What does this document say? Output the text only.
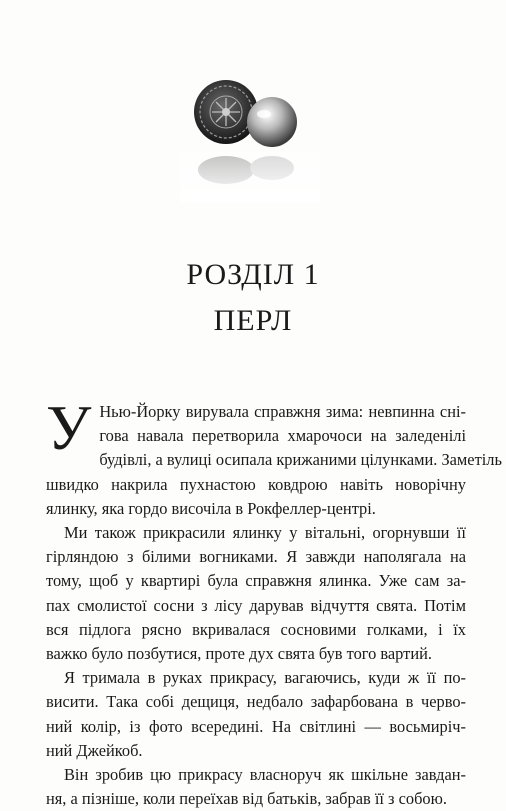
РОЗДІЛ 1
ПЕРЛ
У Нью-Йорку вирувала справжня зима: невпинна сні-
гова навала перетворила хмарочоси на заледенілі
будівлі, а вулиці осипала крижаними цілунками. Заметіль
швидко накрила пухнастою ковдрою навіть новорічну
ялинку, яка гордо височіла в Рокфеллер-центрі.
Ми також прикрасили ялинку у вітальні, огорнувши її
гірляндою з білими вогниками. Я завжди наполягала на
тому, щоб у квартирі була справжня ялинка. Уже сам за-
пах смолистої сосни з лісу дарував відчуття свята. Потім
вся підлога рясно вкривалася сосновими голками, і їх
важко було позбутися, проте дух свята був того вартий.
Я тримала в руках прикрасу, вагаючись, куди ж її по-
висити. Така собі дещиця, недбало зафарбована в черво-
ний колір, із фото всередині. На світлині — восьмиріч-
ний Джейкоб.
Він зробив цю прикрасу власноруч як шкільне завдан-
ня, а пізніше, коли переїхав від батьків, забрав її з собою.
